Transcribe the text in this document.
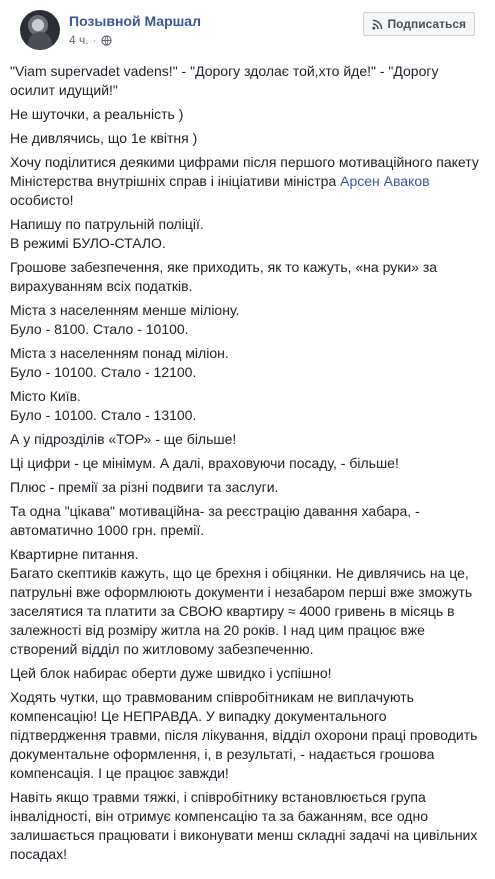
Позывной Маршал
4 ч. ·
Подписаться

"Viam supervadet vadens!" - "Дорогу здолає той,хто йде!" - "Дорогу осилит идущий!"

Не шуточки, а реальність )

Не дивлячись, що 1е квітня )

Хочу поділитися деякими цифрами після першого мотиваційного пакету Міністерства внутрішніх справ і ініціативи міністра Арсен Аваков особисто!

Напишу по патрульній поліції.
В режимі БУЛО-СТАЛО.

Грошове забезпечення, яке приходить, як то кажуть, «на руки» за вирахуванням всіх податків.

Міста з населенням менше мiлiону.
Було - 8100. Стало - 10100.

Міста з населенням понад мiлiон.
Було - 10100. Стало - 12100.

Місто Київ.
Було - 10100. Стало - 13100.

А у підрозділів «ТОР» - ще більше!

Ці цифри - це мінімум. А далі, враховуючи посаду, - більше!

Плюс - премії за різні подвиги та заслуги.

Та одна "цікава" мотиваційна- за реєстрацію давання хабара, - автоматично 1000 грн. премії.

Квартирне питання.
Багато скептиків кажуть, що це брехня і обіцянки. Не дивлячись на це, патрульні вже оформлюють документи і незабаром перші вже зможуть заселятися та платити за СВОЮ квартиру ≈ 4000 гривень в місяць в залежності від розміру житла на 20 років. І над цим працює вже створений відділ по житловому забезпеченню.

Цей блок набирає оберти дуже швидко і успішно!

Ходять чутки, що травмованим співробітникам не виплачують компенсацію! Це НЕПРАВДА. У випадку документального підтвердження травми, після лікування, відділ охорони праці проводить документальне оформлення, і, в результаті, - надається грошова компенсація. І це працює завжди!

Навіть якщо травми тяжкі, і співробітнику встановлюється група інвалідності, він отримує компенсацію та за бажанням, все одно залишається працювати і виконувати менш складні задачі на цивільних посадах!
